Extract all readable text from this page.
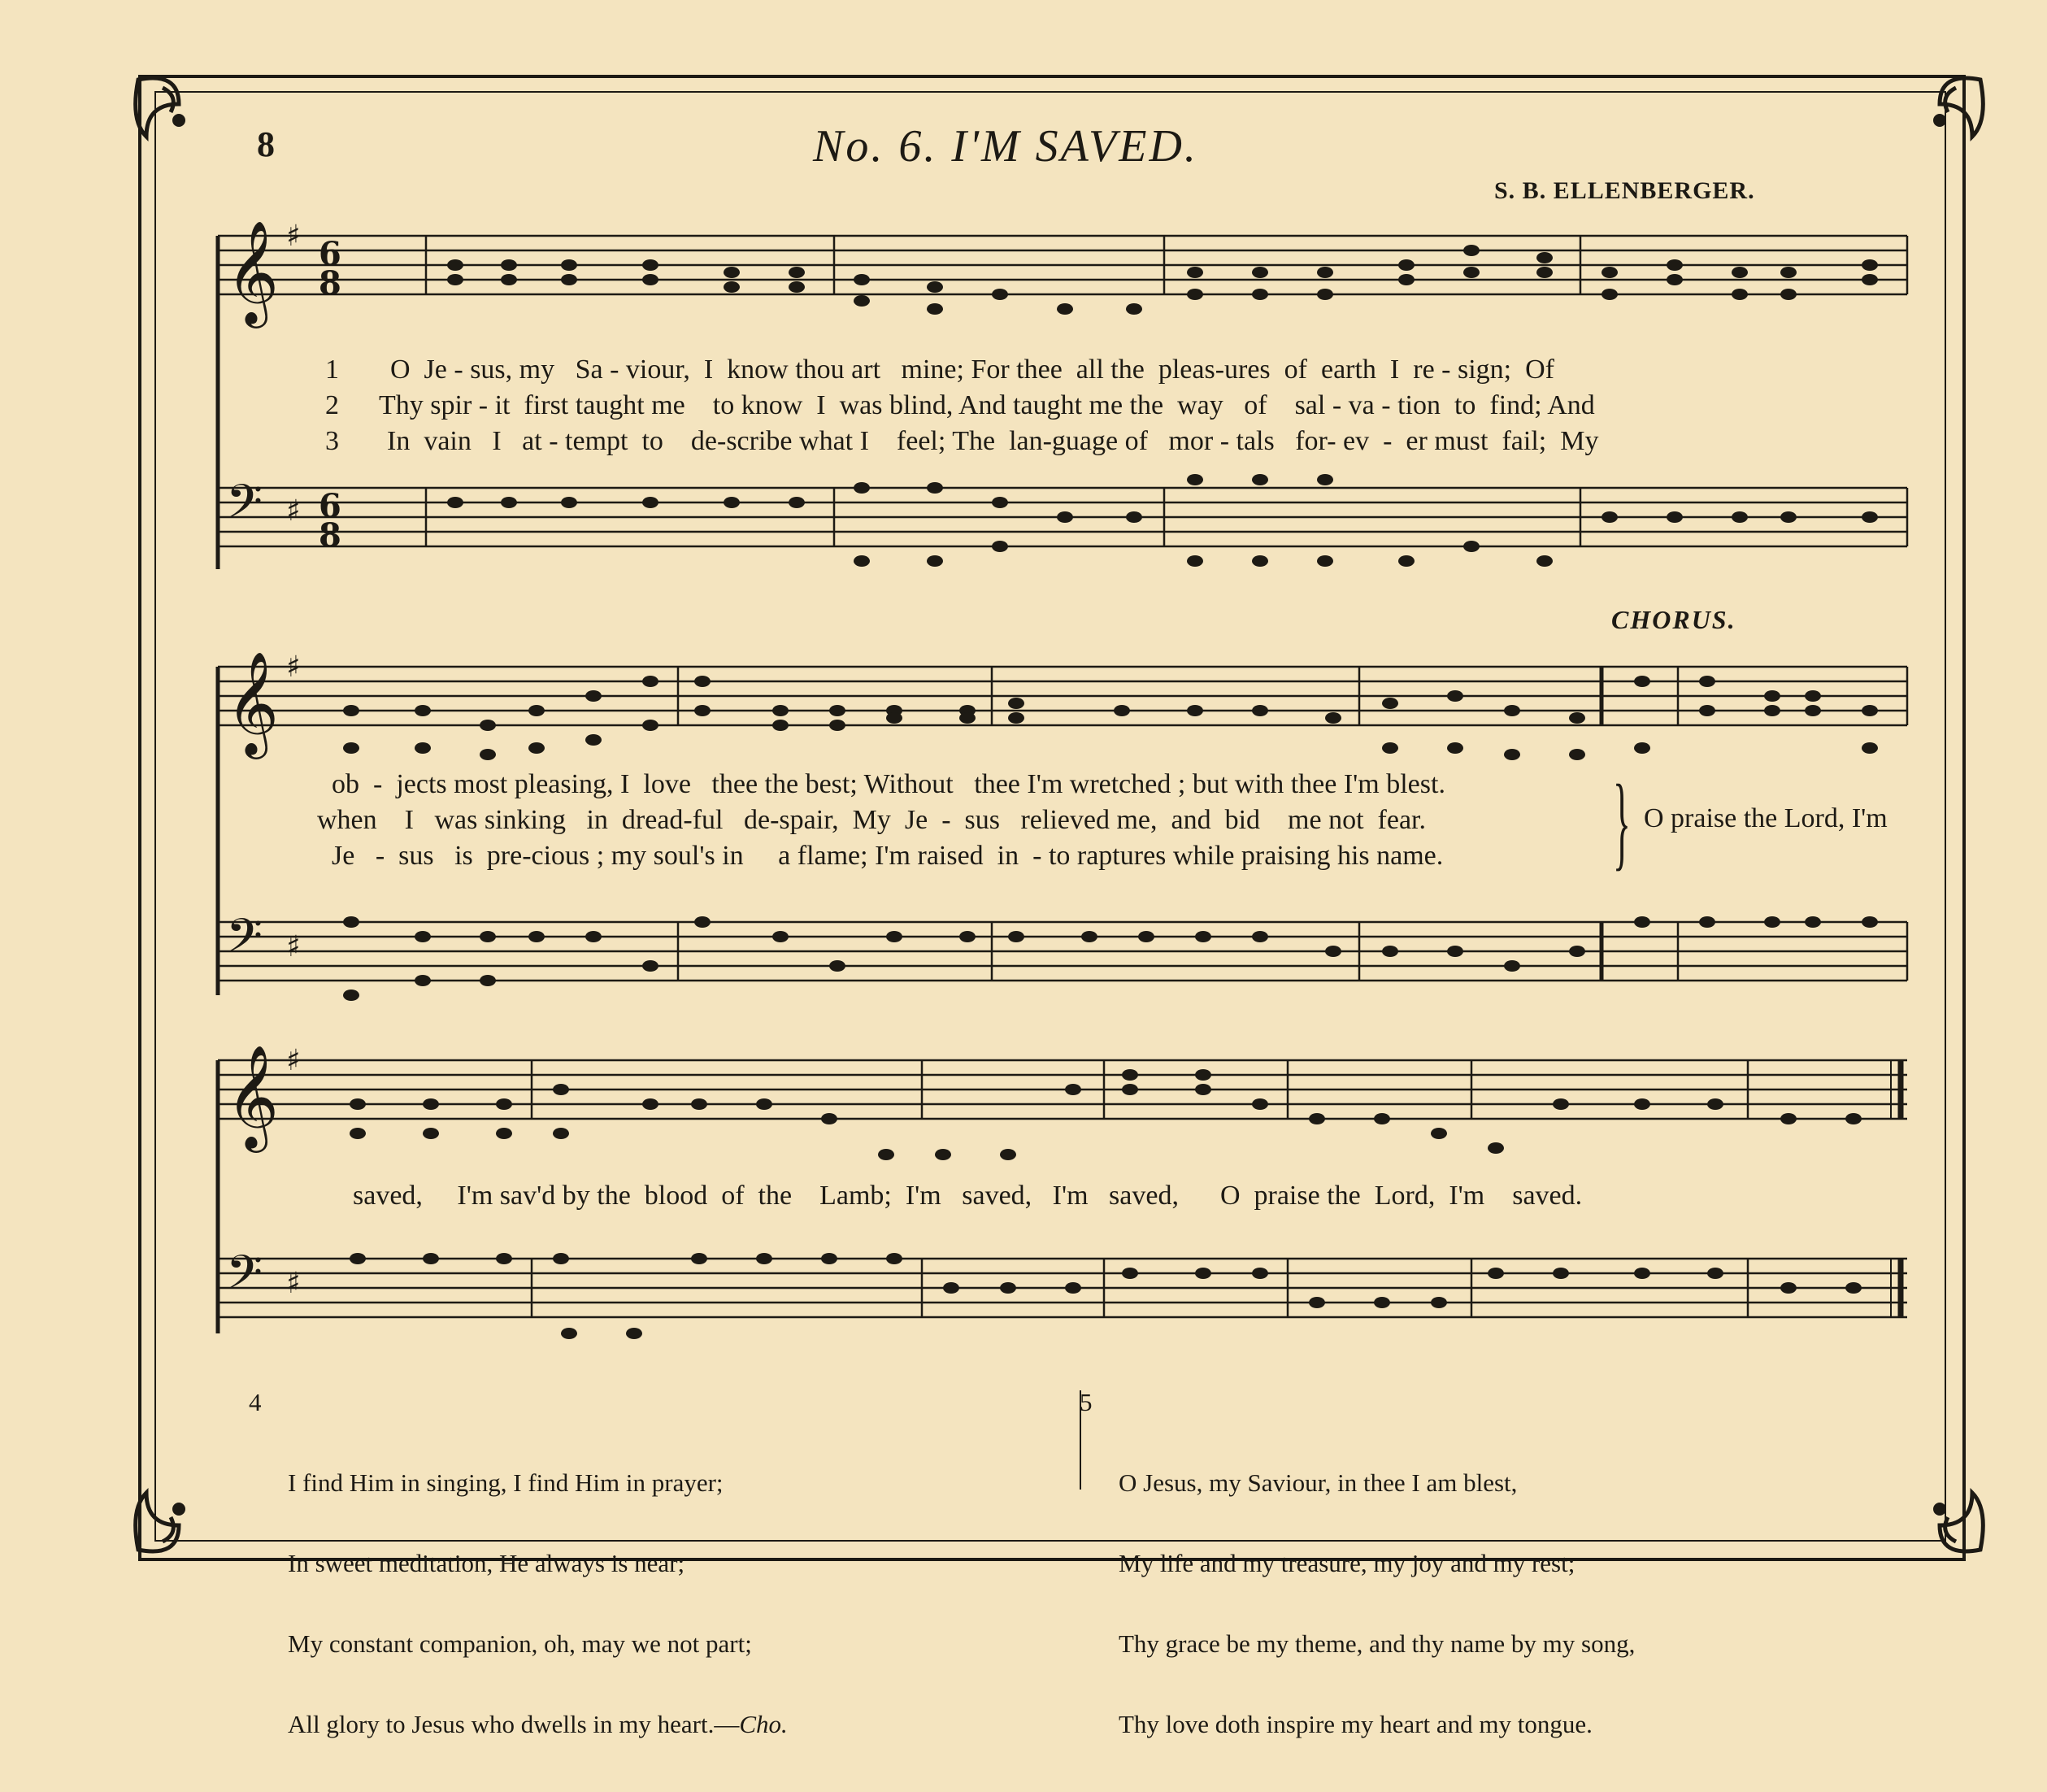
8	No. 6. I'M SAVED.
S. B. ELLENBERGER.
CHORUS.
𝄞
𝄢
𝄞
𝄢
𝄞
𝄢
♯
♯
♯
♯
♯
♯
6
8
6
8
1
2
3
O  Je - sus, my   Sa - viour,  I  know thou art   mine; For thee  all the  pleas-ures  of  earth  I  re - sign;  Of
Thy spir - it  first taught me    to know  I  was blind, And taught me the  way   of    sal - va - tion  to  find; And
In  vain   I   at - tempt  to    de-scribe what I    feel; The  lan-guage of   mor - tals   for- ev  -  er must  fail;  My
ob  -  jects most pleasing, I  love   thee the best; Without   thee I'm wretched ; but with thee I'm blest.
when    I   was sinking   in  dread-ful   de-spair,  My  Je  -  sus   relieved me,  and  bid    me not  fear.
Je   -  sus   is  pre-cious ; my soul's in     a flame; I'm raised  in  - to raptures while praising his name. } O praise the Lord, I'm
saved,     I'm sav'd by the  blood  of  the    Lamb;  I'm   saved,   I'm   saved,      O  praise the  Lord,  I'm    saved.

4

I find Him in singing, I find Him in prayer;

In sweet meditation, He always is near;

My constant companion, oh, may we not part;

All glory to Jesus who dwells in my heart.—Cho.

5

O Jesus, my Saviour, in thee I am blest,

My life and my treasure, my joy and my rest;

Thy grace be my theme, and thy name by my song,

Thy love doth inspire my heart and my tongue.
